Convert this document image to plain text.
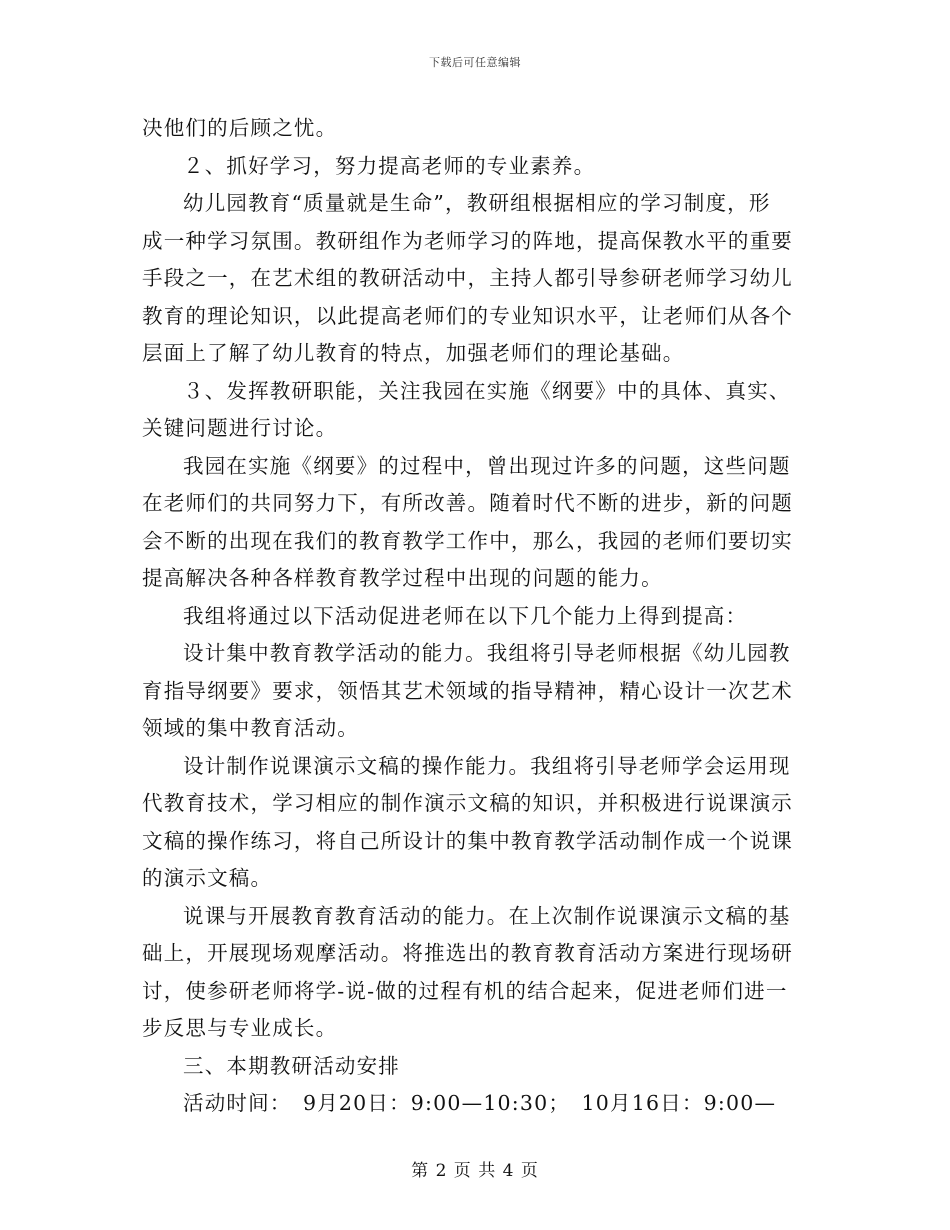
下载后可任意编辑

决他们的后顾之忧。

２、抓好学习，努力提高老师的专业素养。

幼儿园教育“质量就是生命”，教研组根据相应的学习制度，形

成一种学习氛围。教研组作为老师学习的阵地，提高保教水平的重要

手段之一，在艺术组的教研活动中，主持人都引导参研老师学习幼儿

教育的理论知识，以此提高老师们的专业知识水平，让老师们从各个

层面上了解了幼儿教育的特点，加强老师们的理论基础。

３、发挥教研职能，关注我园在实施《纲要》中的具体、真实、

关键问题进行讨论。

我园在实施《纲要》的过程中，曾出现过许多的问题，这些问题

在老师们的共同努力下，有所改善。随着时代不断的进步，新的问题

会不断的出现在我们的教育教学工作中，那么，我园的老师们要切实

提高解决各种各样教育教学过程中出现的问题的能力。

我组将通过以下活动促进老师在以下几个能力上得到提高：

设计集中教育教学活动的能力。我组将引导老师根据《幼儿园教

育指导纲要》要求，领悟其艺术领域的指导精神，精心设计一次艺术

领域的集中教育活动。

设计制作说课演示文稿的操作能力。我组将引导老师学会运用现

代教育技术，学习相应的制作演示文稿的知识，并积极进行说课演示

文稿的操作练习，将自己所设计的集中教育教学活动制作成一个说课

的演示文稿。

说课与开展教育教育活动的能力。在上次制作说课演示文稿的基

础上，开展现场观摩活动。将推选出的教育教育活动方案进行现场研

讨，使参研老师将学-说-做的过程有机的结合起来，促进老师们进一

步反思与专业成长。

三、本期教研活动安排

活动时间：　9月20日：9:00—10:30；　10月16日：9:00—

第 2 页 共 4 页
